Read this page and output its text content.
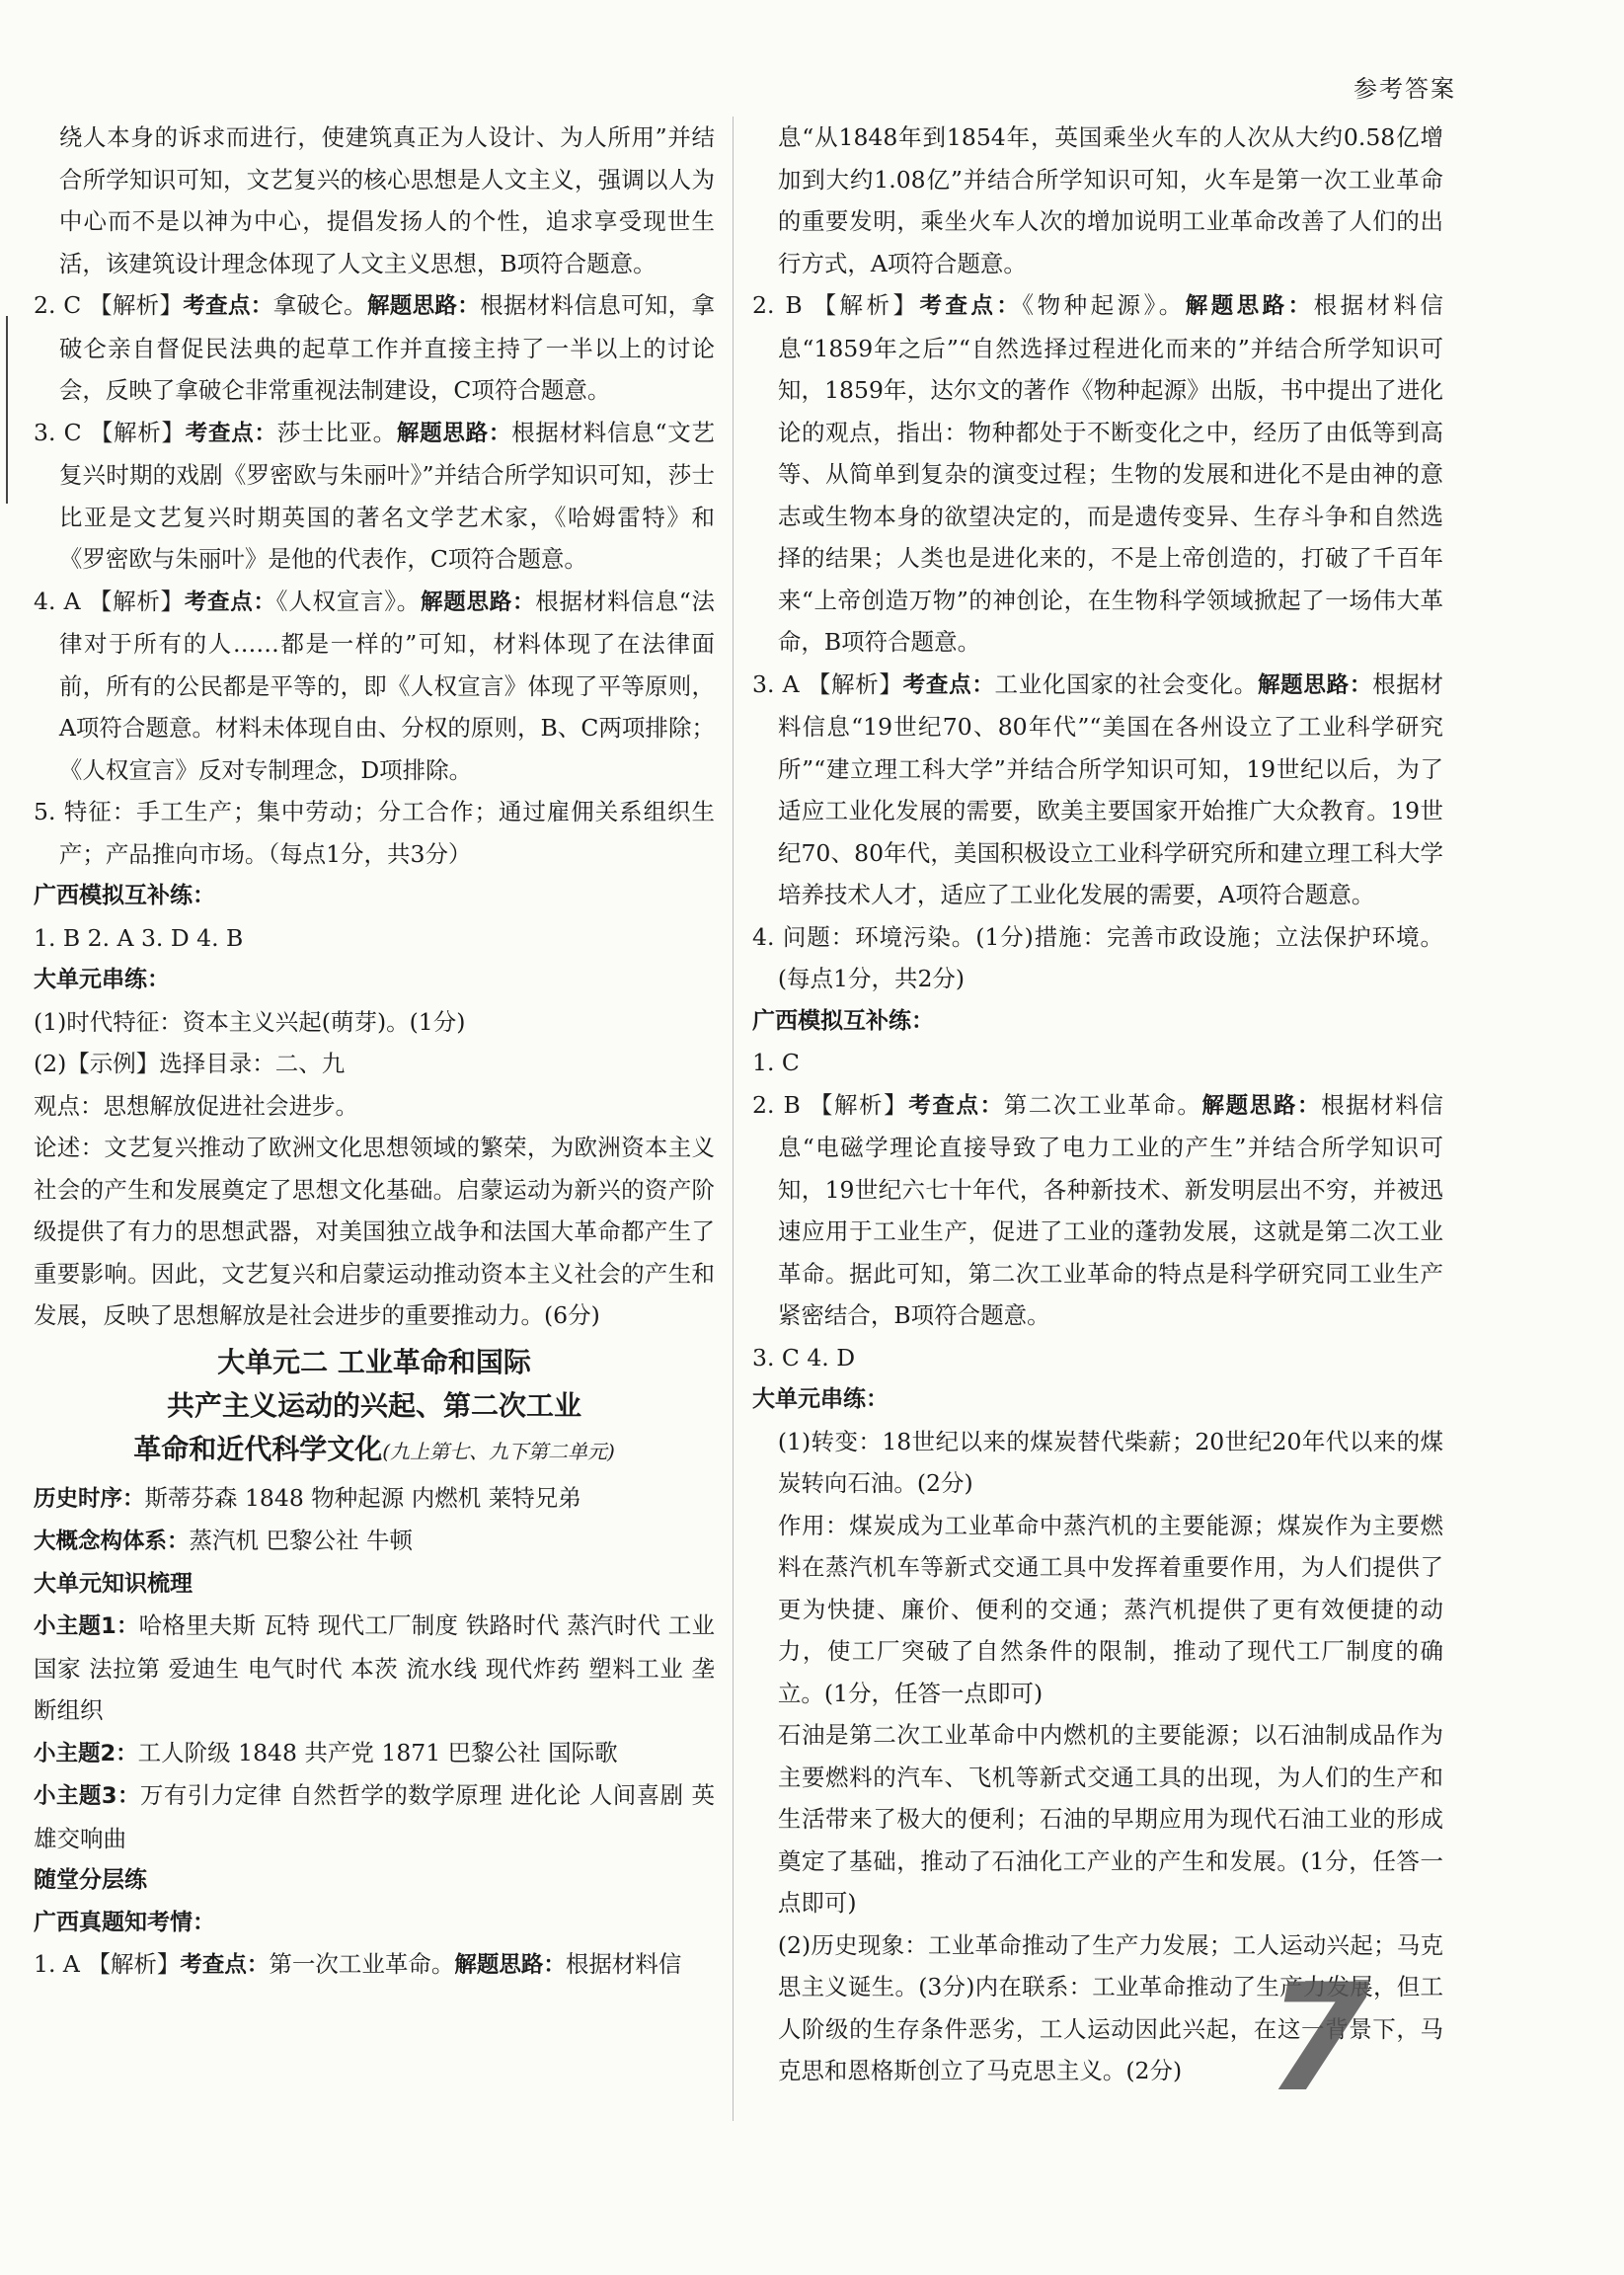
参考答案

绕人本身的诉求而进行，使建筑真正为人设计、为人所用”并结合所学知识可知，文艺复兴的核心思想是人文主义，强调以人为中心而不是以神为中心，提倡发扬人的个性，追求享受现世生活，该建筑设计理念体现了人文主义思想，B项符合题意。

2. C 【解析】考查点：拿破仑。解题思路：根据材料信息可知，拿破仑亲自督促民法典的起草工作并直接主持了一半以上的讨论会，反映了拿破仑非常重视法制建设，C项符合题意。

3. C 【解析】考查点：莎士比亚。解题思路：根据材料信息“文艺复兴时期的戏剧《罗密欧与朱丽叶》”并结合所学知识可知，莎士比亚是文艺复兴时期英国的著名文学艺术家，《哈姆雷特》和《罗密欧与朱丽叶》是他的代表作，C项符合题意。

4. A 【解析】考查点：《人权宣言》。解题思路：根据材料信息“法律对于所有的人……都是一样的”可知，材料体现了在法律面前，所有的公民都是平等的，即《人权宣言》体现了平等原则，A项符合题意。材料未体现自由、分权的原则，B、C两项排除；《人权宣言》反对专制理念，D项排除。

5. 特征：手工生产；集中劳动；分工合作；通过雇佣关系组织生产；产品推向市场。（每点1分，共3分）

广西模拟互补练：

1. B 2. A 3. D 4. B

大单元串练：

(1)时代特征：资本主义兴起(萌芽)。(1分)

(2)【示例】选择目录：二、九

观点：思想解放促进社会进步。

论述：文艺复兴推动了欧洲文化思想领域的繁荣，为欧洲资本主义社会的产生和发展奠定了思想文化基础。启蒙运动为新兴的资产阶级提供了有力的思想武器，对美国独立战争和法国大革命都产生了重要影响。因此，文艺复兴和启蒙运动推动资本主义社会的产生和发展，反映了思想解放是社会进步的重要推动力。(6分)

大单元二 工业革命和国际
共产主义运动的兴起、第二次工业
革命和近代科学文化(九上第七、九下第二单元)

历史时序：斯蒂芬森 1848 物种起源 内燃机 莱特兄弟

大概念构体系：蒸汽机 巴黎公社 牛顿

大单元知识梳理

小主题1：哈格里夫斯 瓦特 现代工厂制度 铁路时代 蒸汽时代 工业国家 法拉第 爱迪生 电气时代 本茨 流水线 现代炸药 塑料工业 垄断组织

小主题2：工人阶级 1848 共产党 1871 巴黎公社 国际歌

小主题3：万有引力定律 自然哲学的数学原理 进化论 人间喜剧 英雄交响曲

随堂分层练

广西真题知考情：

1. A 【解析】考查点：第一次工业革命。解题思路：根据材料信

息“从1848年到1854年，英国乘坐火车的人次从大约0.58亿增加到大约1.08亿”并结合所学知识可知，火车是第一次工业革命的重要发明，乘坐火车人次的增加说明工业革命改善了人们的出行方式，A项符合题意。

2. B 【解析】考查点：《物种起源》。解题思路：根据材料信息“1859年之后”“自然选择过程进化而来的”并结合所学知识可知，1859年，达尔文的著作《物种起源》出版，书中提出了进化论的观点，指出：物种都处于不断变化之中，经历了由低等到高等、从简单到复杂的演变过程；生物的发展和进化不是由神的意志或生物本身的欲望决定的，而是遗传变异、生存斗争和自然选择的结果；人类也是进化来的，不是上帝创造的，打破了千百年来“上帝创造万物”的神创论，在生物科学领域掀起了一场伟大革命，B项符合题意。

3. A 【解析】考查点：工业化国家的社会变化。解题思路：根据材料信息“19世纪70、80年代”“美国在各州设立了工业科学研究所”“建立理工科大学”并结合所学知识可知，19世纪以后，为了适应工业化发展的需要，欧美主要国家开始推广大众教育。19世纪70、80年代，美国积极设立工业科学研究所和建立理工科大学培养技术人才，适应了工业化发展的需要，A项符合题意。

4. 问题：环境污染。(1分)措施：完善市政设施；立法保护环境。(每点1分，共2分)

广西模拟互补练：

1. C

2. B 【解析】考查点：第二次工业革命。解题思路：根据材料信息“电磁学理论直接导致了电力工业的产生”并结合所学知识可知，19世纪六七十年代，各种新技术、新发明层出不穷，并被迅速应用于工业生产，促进了工业的蓬勃发展，这就是第二次工业革命。据此可知，第二次工业革命的特点是科学研究同工业生产紧密结合，B项符合题意。

3. C 4. D

大单元串练：

(1)转变：18世纪以来的煤炭替代柴薪；20世纪20年代以来的煤炭转向石油。(2分)

作用：煤炭成为工业革命中蒸汽机的主要能源；煤炭作为主要燃料在蒸汽机车等新式交通工具中发挥着重要作用，为人们提供了更为快捷、廉价、便利的交通；蒸汽机提供了更有效便捷的动力，使工厂突破了自然条件的限制，推动了现代工厂制度的确立。(1分，任答一点即可)

石油是第二次工业革命中内燃机的主要能源；以石油制成品作为主要燃料的汽车、飞机等新式交通工具的出现，为人们的生产和生活带来了极大的便利；石油的早期应用为现代石油工业的形成奠定了基础，推动了石油化工产业的产生和发展。(1分，任答一点即可)

(2)历史现象：工业革命推动了生产力发展；工人运动兴起；马克思主义诞生。(3分)内在联系：工业革命推动了生产力发展，但工人阶级的生存条件恶劣，工人运动因此兴起，在这一背景下，马克思和恩格斯创立了马克思主义。(2分) 7
